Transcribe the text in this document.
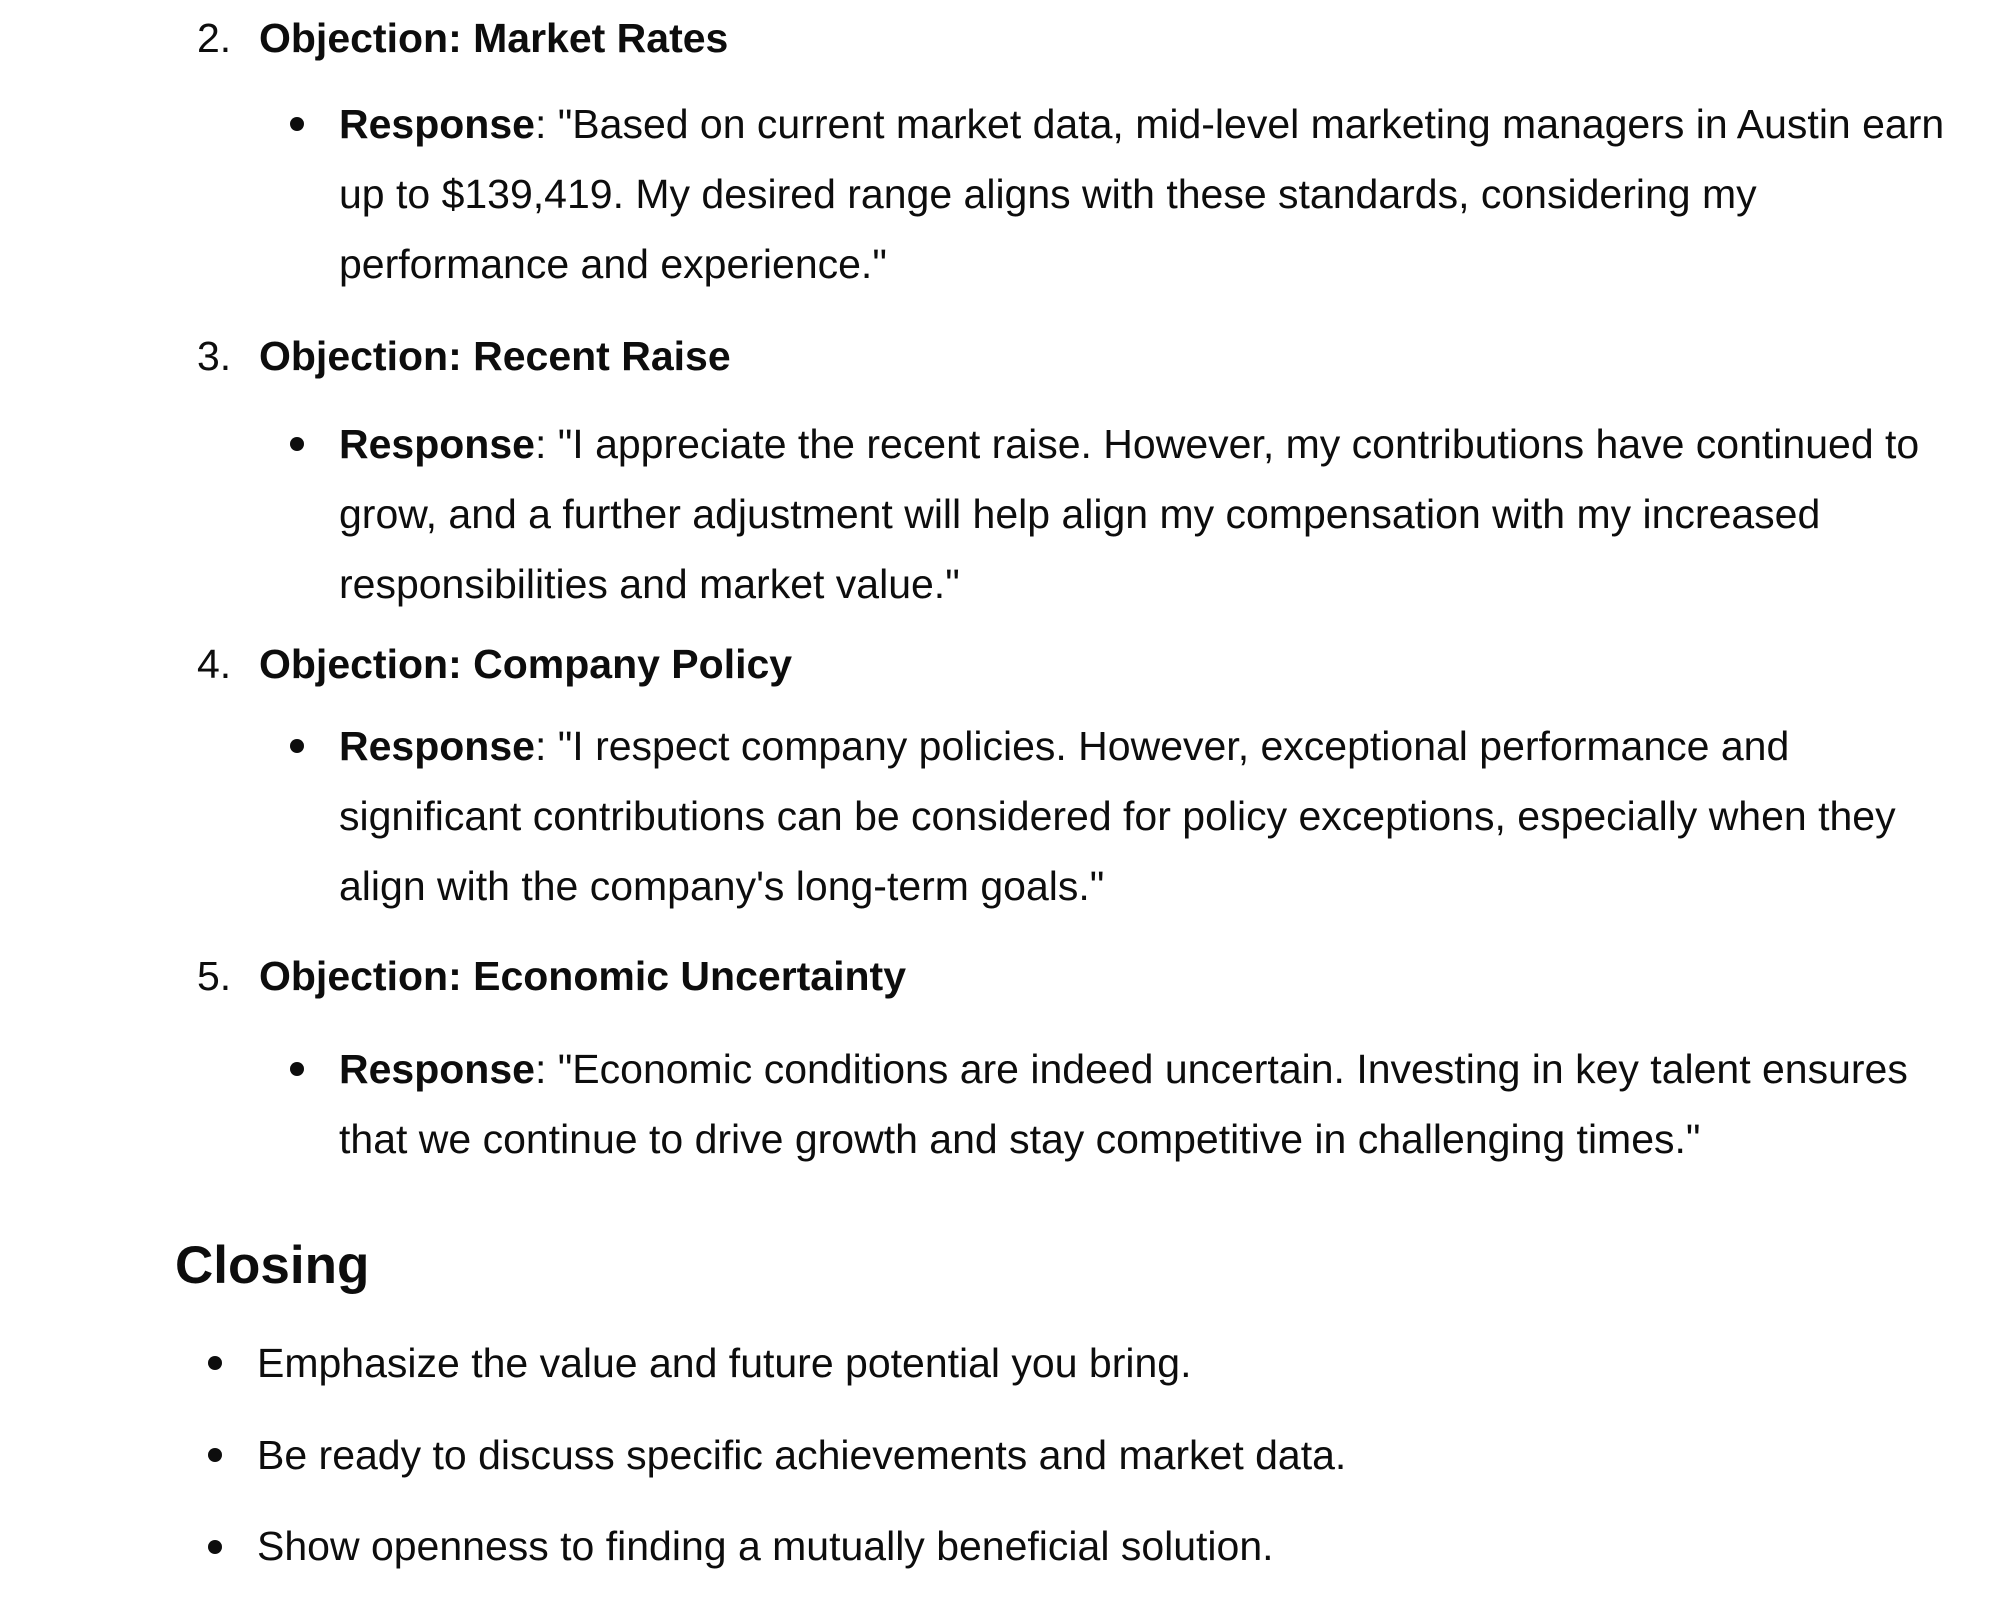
2. Objection: Market Rates
Response: "Based on current market data, mid-level marketing managers in Austin earn up to $139,419. My desired range aligns with these standards, considering my performance and experience."
3. Objection: Recent Raise
Response: "I appreciate the recent raise. However, my contributions have continued to grow, and a further adjustment will help align my compensation with my increased responsibilities and market value."
4. Objection: Company Policy
Response: "I respect company policies. However, exceptional performance and significant contributions can be considered for policy exceptions, especially when they align with the company's long-term goals."
5. Objection: Economic Uncertainty
Response: "Economic conditions are indeed uncertain. Investing in key talent ensures that we continue to drive growth and stay competitive in challenging times."
Closing
Emphasize the value and future potential you bring.
Be ready to discuss specific achievements and market data.
Show openness to finding a mutually beneficial solution.
